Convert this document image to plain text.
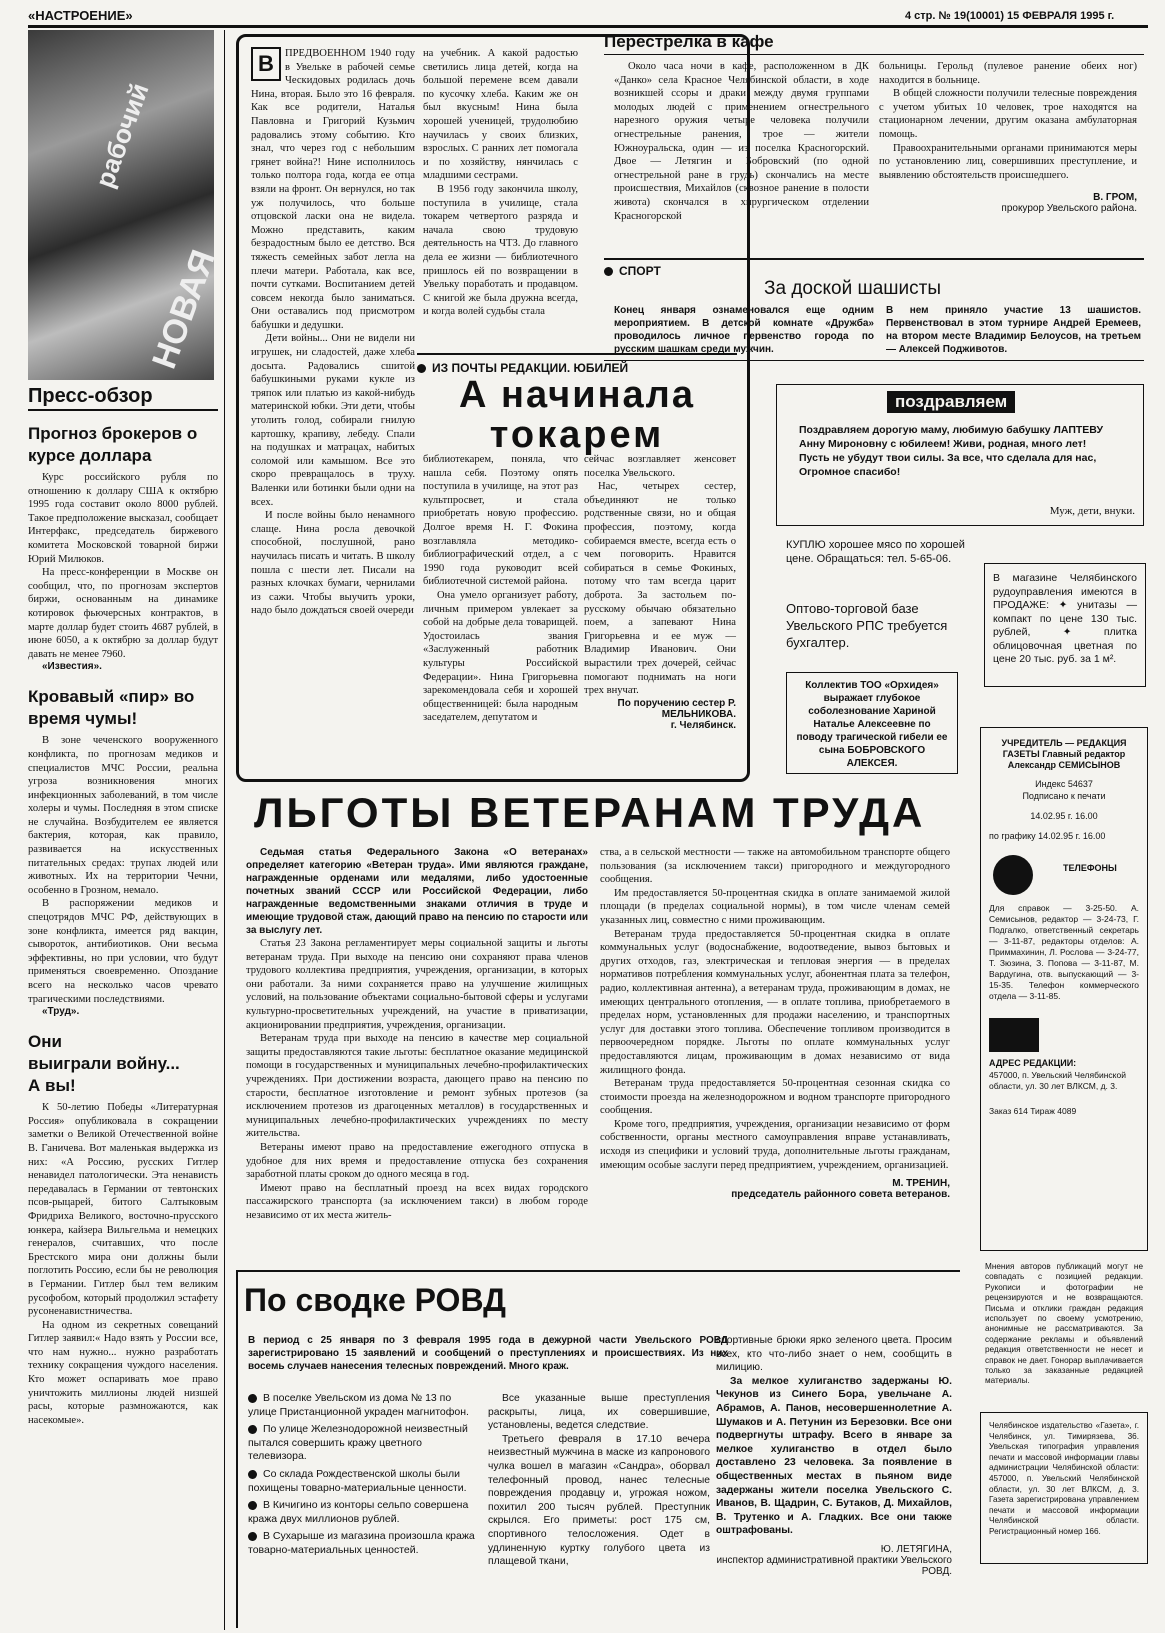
«НАСТРОЕНИЕ»	4 стр. № 19(10001) 15 ФЕВРАЛЯ 1995 г.
рабочий
НОВАЯ
Пресс-обзор
Прогноз брокеров о курсе доллара

Курс российского рубля по отношению к доллару США к октябрю 1995 года составит около 8000 рублей. Такое предположение высказал, сообщает Интерфакс, председатель биржевого комитета Московской товарной биржи Юрий Милюков.

На пресс-конференции в Москве он сообщил, что, по прогнозам экспертов биржи, основанным на динамике котировок фьючерсных контрактов, в марте доллар будет стоить 4687 рублей, в июне 6050, а к октябрю за доллар будут давать не менее 7960.

«Известия».
Кровавый «пир» во время чумы!

В зоне чеченского вооруженного конфликта, по прогнозам медиков и специалистов МЧС России, реальна угроза возникновения многих инфекционных заболеваний, в том числе холеры и чумы. Последняя в этом списке не случайна. Возбудителем ее является бактерия, которая, как правило, развивается на искусственных питательных средах: трупах людей или животных. Их на территории Чечни, особенно в Грозном, немало.

В распоряжении медиков и спецотрядов МЧС РФ, действующих в зоне конфликта, имеется ряд вакцин, сывороток, антибиотиков. Они весьма эффективны, но при условии, что будут применяться своевременно. Опоздание всего на несколько часов чревато трагическими последствиями.

«Труд».
Они
выиграли войну...
А вы!

К 50-летию Победы «Литературная Россия» опубликовала в сокращении заметки о Великой Отечественной войне В. Ганичева. Вот маленькая выдержка из них: «А Россию, русских Гитлер ненавидел патологически. Эта ненависть передавалась в Германии от тевтонских псов-рыцарей, битого Салтыковым Фридриха Великого, восточно-прусского юнкера, кайзера Вильгельма и немецких генералов, считавших, что после Брестского мира они должны были поглотить Россию, если бы не революция в Германии. Гитлер был тем великим русофобом, который продолжил эстафету русоненавистничества.

На одном из секретных совещаний Гитлер заявил:« Надо взять у России все, что нам нужно... нужно разработать технику сокращения чуждого населения. Кто может оспаривать мое право уничтожить миллионы людей низшей расы, которые размножаются, как насекомые».

В	ПРЕДВОЕННОМ 1940 году в Увельке в рабочей семье Ческидовых родилась дочь Нина, вторая. Было это 16 февраля. Как все родители, Наталья Павловна и Григорий Кузьмич радовались этому событию. Кто знал, что через год с небольшим грянет война?! Нине исполнилось только полтора года, когда ее отца взяли на фронт. Он вернулся, но так уж получилось, что больше отцовской ласки она не видела. Можно представить, каким безрадостным было ее детство. Вся тяжесть семейных забот легла на плечи матери. Работала, как все, почти сутками. Воспитанием детей совсем некогда было заниматься. Они оставались под присмотром бабушки и дедушки.

Дети войны... Они не видели ни игрушек, ни сладостей, даже хлеба досыта. Радовались сшитой бабушкиными руками кукле из тряпок или платью из какой-нибудь материнской юбки. Эти дети, чтобы утолить голод, собирали гнилую картошку, крапиву, лебеду. Спали на подушках и матрацах, набитых соломой или камышом. Все это скоро превращалось в труху. Валенки или ботинки были одни на всех.

И после войны было ненамного слаще. Нина росла девочкой способной, послушной, рано научилась писать и читать. В школу пошла с шести лет. Писали на разных клочках бумаги, чернилами из сажи. Чтобы выучить уроки, надо было дождаться своей очереди

на учебник. А какой радостью светились лица детей, когда на большой перемене всем давали по кусочку хлеба. Каким же он был вкусным! Нина была хорошей ученицей, трудолюбию научилась у своих близких, взрослых. С ранних лет помогала и по хозяйству, нянчилась с младшими сестрами.

В 1956 году закончила школу, поступила в училище, стала токарем четвертого разряда и начала свою трудовую деятельность на ЧТЗ. До главного дела ее жизни — библиотечного пришлось ей по возвращении в Увельку поработать и продавцом. С книгой же была дружна всегда, и когда волей судьбы стала

ИЗ ПОЧТЫ РЕДАКЦИИ. ЮБИЛЕЙ
А начинала
токарем

библиотекарем, поняла, что нашла себя. Поэтому опять поступила в училище, на этот раз культпросвет, и стала приобретать новую профессию. Долгое время Н. Г. Фокина возглавляла методико-библиографический отдел, а с 1990 года руководит всей библиотечной системой района.

Она умело организует работу, личным примером увлекает за собой на добрые дела товарищей. Удостоилась звания «Заслуженный работник культуры Российской Федерации». Нина Григорьевна зарекомендовала себя и хорошей общественницей: была народным заседателем, депутатом и

сейчас возглавляет женсовет поселка Увельского.

Нас, четырех сестер, объединяют не только родственные связи, но и общая профессия, поэтому, когда собираемся вместе, всегда есть о чем поговорить. Нравится собираться в семье Фокиных, потому что там всегда царит доброта. За застольем по-русскому обычаю обязательно поем, а запевают Нина Григорьевна и ее муж — Владимир Иванович. Они вырастили трех дочерей, сейчас помогают поднимать на ноги трех внучат.

По поручению сестер Р. МЕЛЬНИКОВА.
г. Челябинск.
Перестрелка в кафе

Около часа ночи в кафе, расположенном в ДК «Данко» села Красное Челябинской области, в ходе возникшей ссоры и драки между двумя группами молодых людей с применением огнестрельного нарезного оружия четыре человека получили огнестрельные ранения, трое — жители Южноуральска, один — из поселка Красногорский. Двое — Летягин и Бобровский (по одной огнестрельной ране в грудь) скончались на месте происшествия, Михайлов (сквозное ранение в полости живота) скончался в хирургическом отделении Красногорской

больницы. Герольд (пулевое ранение обеих ног) находится в больнице.

В общей сложности получили телесные повреждения с учетом убитых 10 человек, трое находятся на стационарном лечении, другим оказана амбулаторная помощь.

Правоохранительными органами принимаются меры по установлению лиц, совершивших преступление, и выявлению обстоятельств происшедшего.

В. ГРОМ,
прокурор Увельского района.
СПОРТ
За доской шашисты
Конец января ознаменовался еще одним мероприятием. В детской комнате «Дружба» проводилось личное первенство города по русским шашкам среди мужчин.
В нем приняло участие 13 шашистов. Первенствовал в этом турнире Андрей Еремеев, на втором месте Владимир Белоусов, на третьем — Алексей Подживотов.
поздравляем
Поздравляем дорогую маму, любимую бабушку ЛАПТЕВУ Анну Мироновну с юбилеем! Живи, родная, много лет! Пусть не убудут твои силы. За все, что сделала для нас, Огромное спасибо!
Муж, дети, внуки.
КУПЛЮ хорошее мясо по хорошей цене. Обращаться: тел. 5-65-06.
Оптово-торговой базе Увельского РПС требуется бухгалтер.
В магазине Челябинского рудоуправления имеются в ПРОДАЖЕ: ✦ унитазы — компакт по цене 130 тыс. рублей, ✦ плитка облицовочная цветная по цене 20 тыс. руб. за 1 м².
Коллектив ТОО «Орхидея» выражает глубокое соболезнование Хариной Наталье Алексеевне по поводу трагической гибели ее сына БОБРОВСКОГО АЛЕКСЕЯ.
УЧРЕДИТЕЛЬ — РЕДАКЦИЯ ГАЗЕТЫ Главный редактор Александр СЕМИСЫНОВ
Индекс 54637
Подписано к печати
14.02.95 г. 16.00
по графику 14.02.95 г. 16.00
ТЕЛЕФОНЫ
Для справок — 3-25-50. А. Семисынов, редактор — 3-24-73, Г. Подгалко, ответственный секретарь — 3-11-87, редакторы отделов: А. Приммахинин, Л. Рослова — 3-24-77, Т. Зюзина, З. Попова — 3-11-87, М. Вардугина, отв. выпускающий — 3-15-35. Телефон коммерческого отдела — 3-11-85.
АДРЕС РЕДАКЦИИ:
457000, п. Увельский Челябинской области, ул. 30 лет ВЛКСМ, д. 3.
Заказ 614 Тираж 4089
Мнения авторов публикаций могут не совпадать с позицией редакции. Рукописи и фотографии не рецензируются и не возвращаются. Письма и отклики граждан редакция использует по своему усмотрению, анонимные не рассматриваются. За содержание рекламы и объявлений редакция ответственности не несет и справок не дает. Гонорар выплачивается только за заказанные редакцией материалы.
Челябинское издательство «Газета», г. Челябинск, ул. Тимирязева, 36. Увельская типография управления печати и массовой информации главы администрации Челябинской области: 457000, п. Увельский Челябинской области, ул. 30 лет ВЛКСМ, д. 3. Газета зарегистрирована управлением печати и массовой информации Челябинской области. Регистрационный номер 166.
ЛЬГОТЫ ВЕТЕРАНАМ ТРУДА

Седьмая статья Федерального Закона «О ветеранах» определяет категорию «Ветеран труда». Ими являются граждане, награжденные орденами или медалями, либо удостоенные почетных званий СССР или Российской Федерации, либо награжденные ведомственными знаками отличия в труде и имеющие трудовой стаж, дающий право на пенсию по старости или за выслугу лет.

Статья 23 Закона регламентирует меры социальной защиты и льготы ветеранам труда. При выходе на пенсию они сохраняют права членов трудового коллектива предприятия, учреждения, организации, в которых они работали. За ними сохраняется право на улучшение жилищных условий, на пользование объектами социально-бытовой сферы и услугами культурно-просветительных учреждений, на участие в приватизации, акционировании предприятия, учреждения, организации.

Ветеранам труда при выходе на пенсию в качестве мер социальной защиты предоставляются такие льготы: бесплатное оказание медицинской помощи в государственных и муниципальных лечебно-профилактических учреждениях. При достижении возраста, дающего право на пенсию по старости, бесплатное изготовление и ремонт зубных протезов (за исключением протезов из драгоценных металлов) в государственных и муниципальных лечебно-профилактических учреждениях по месту жительства.

Ветераны имеют право на предоставление ежегодного отпуска в удобное для них время и предоставление отпуска без сохранения заработной платы сроком до одного месяца в год.

Имеют право на бесплатный проезд на всех видах городского пассажирского транспорта (за исключением такси) в любом городе независимо от их места житель-

ства, а в сельской местности — также на автомобильном транспорте общего пользования (за исключением такси) пригородного и междугородного сообщения.

Им предоставляется 50-процентная скидка в оплате занимаемой жилой площади (в пределах социальной нормы), в том числе членам семей указанных лиц, совместно с ними проживающим.

Ветеранам труда предоставляется 50-процентная скидка в оплате коммунальных услуг (водоснабжение, водоотведение, вывоз бытовых и других отходов, газ, электрическая и тепловая энергия — в пределах нормативов потребления коммунальных услуг, абонентная плата за телефон, радио, коллективная антенна), а ветеранам труда, проживающим в домах, не имеющих центрального отопления, — в оплате топлива, приобретаемого в пределах норм, установленных для продажи населению, и транспортных услуг для доставки этого топлива. Обеспечение топливом производится в первоочередном порядке. Льготы по оплате коммунальных услуг предоставляются лицам, проживающим в домах независимо от вида жилищного фонда.

Ветеранам труда предоставляется 50-процентная сезонная скидка со стоимости проезда на железнодорожном и водном транспорте пригородного сообщения.

Кроме того, предприятия, учреждения, организации независимо от форм собственности, органы местного самоуправления вправе устанавливать, исходя из специфики и условий труда, дополнительные льготы гражданам, имеющим особые заслуги перед предприятием, учреждением, организацией.

М. ТРЕНИН,
председатель районного совета ветеранов.
По сводке РОВД
В период с 25 января по 3 февраля 1995 года в дежурной части Увельского РОВД зарегистрировано 15 заявлений и сообщений о преступлениях и происшествиях. Из них восемь случаев нанесения телесных повреждений. Много краж.
В поселке Увельском из дома № 13 по улице Пристанционной украден магнитофон.
По улице Железнодорожной неизвестный пытался совершить кражу цветного телевизора.
Со склада Рождественской школы были похищены товарно-материальные ценности.
В Кичигино из конторы сельпо совершена кража двух миллионов рублей.
В Сухарыше из магазина произошла кража товарно-материальных ценностей.

Все указанные выше преступления раскрыты, лица, их совершившие, установлены, ведется следствие.

Третьего февраля в 17.10 вечера неизвестный мужчина в маске из капронового чулка вошел в магазин «Сандра», оборвал телефонный провод, нанес телесные повреждения продавцу и, угрожая ножом, похитил 200 тысяч рублей. Преступник скрылся. Его приметы: рост 175 см, спортивного телосложения. Одет в удлиненную куртку голубого цвета из плащевой ткани,

спортивные брюки ярко зеленого цвета. Просим всех, кто что-либо знает о нем, сообщить в милицию.

За мелкое хулиганство задержаны Ю. Чекунов из Синего Бора, увельчане А. Абрамов, А. Панов, несовершеннолетние А. Шумаков и А. Петунин из Березовки. Все они подвергнуты штрафу. Всего в январе за мелкое хулиганство в отдел было доставлено 23 человека. За появление в общественных местах в пьяном виде задержаны жители поселка Увельского С. Иванов, В. Щадрин, С. Бутаков, Д. Михайлов, В. Трутенко и А. Гладких. Все они также оштрафованы.

Ю. ЛЕТЯГИНА,
инспектор административной практики Увельского РОВД.
